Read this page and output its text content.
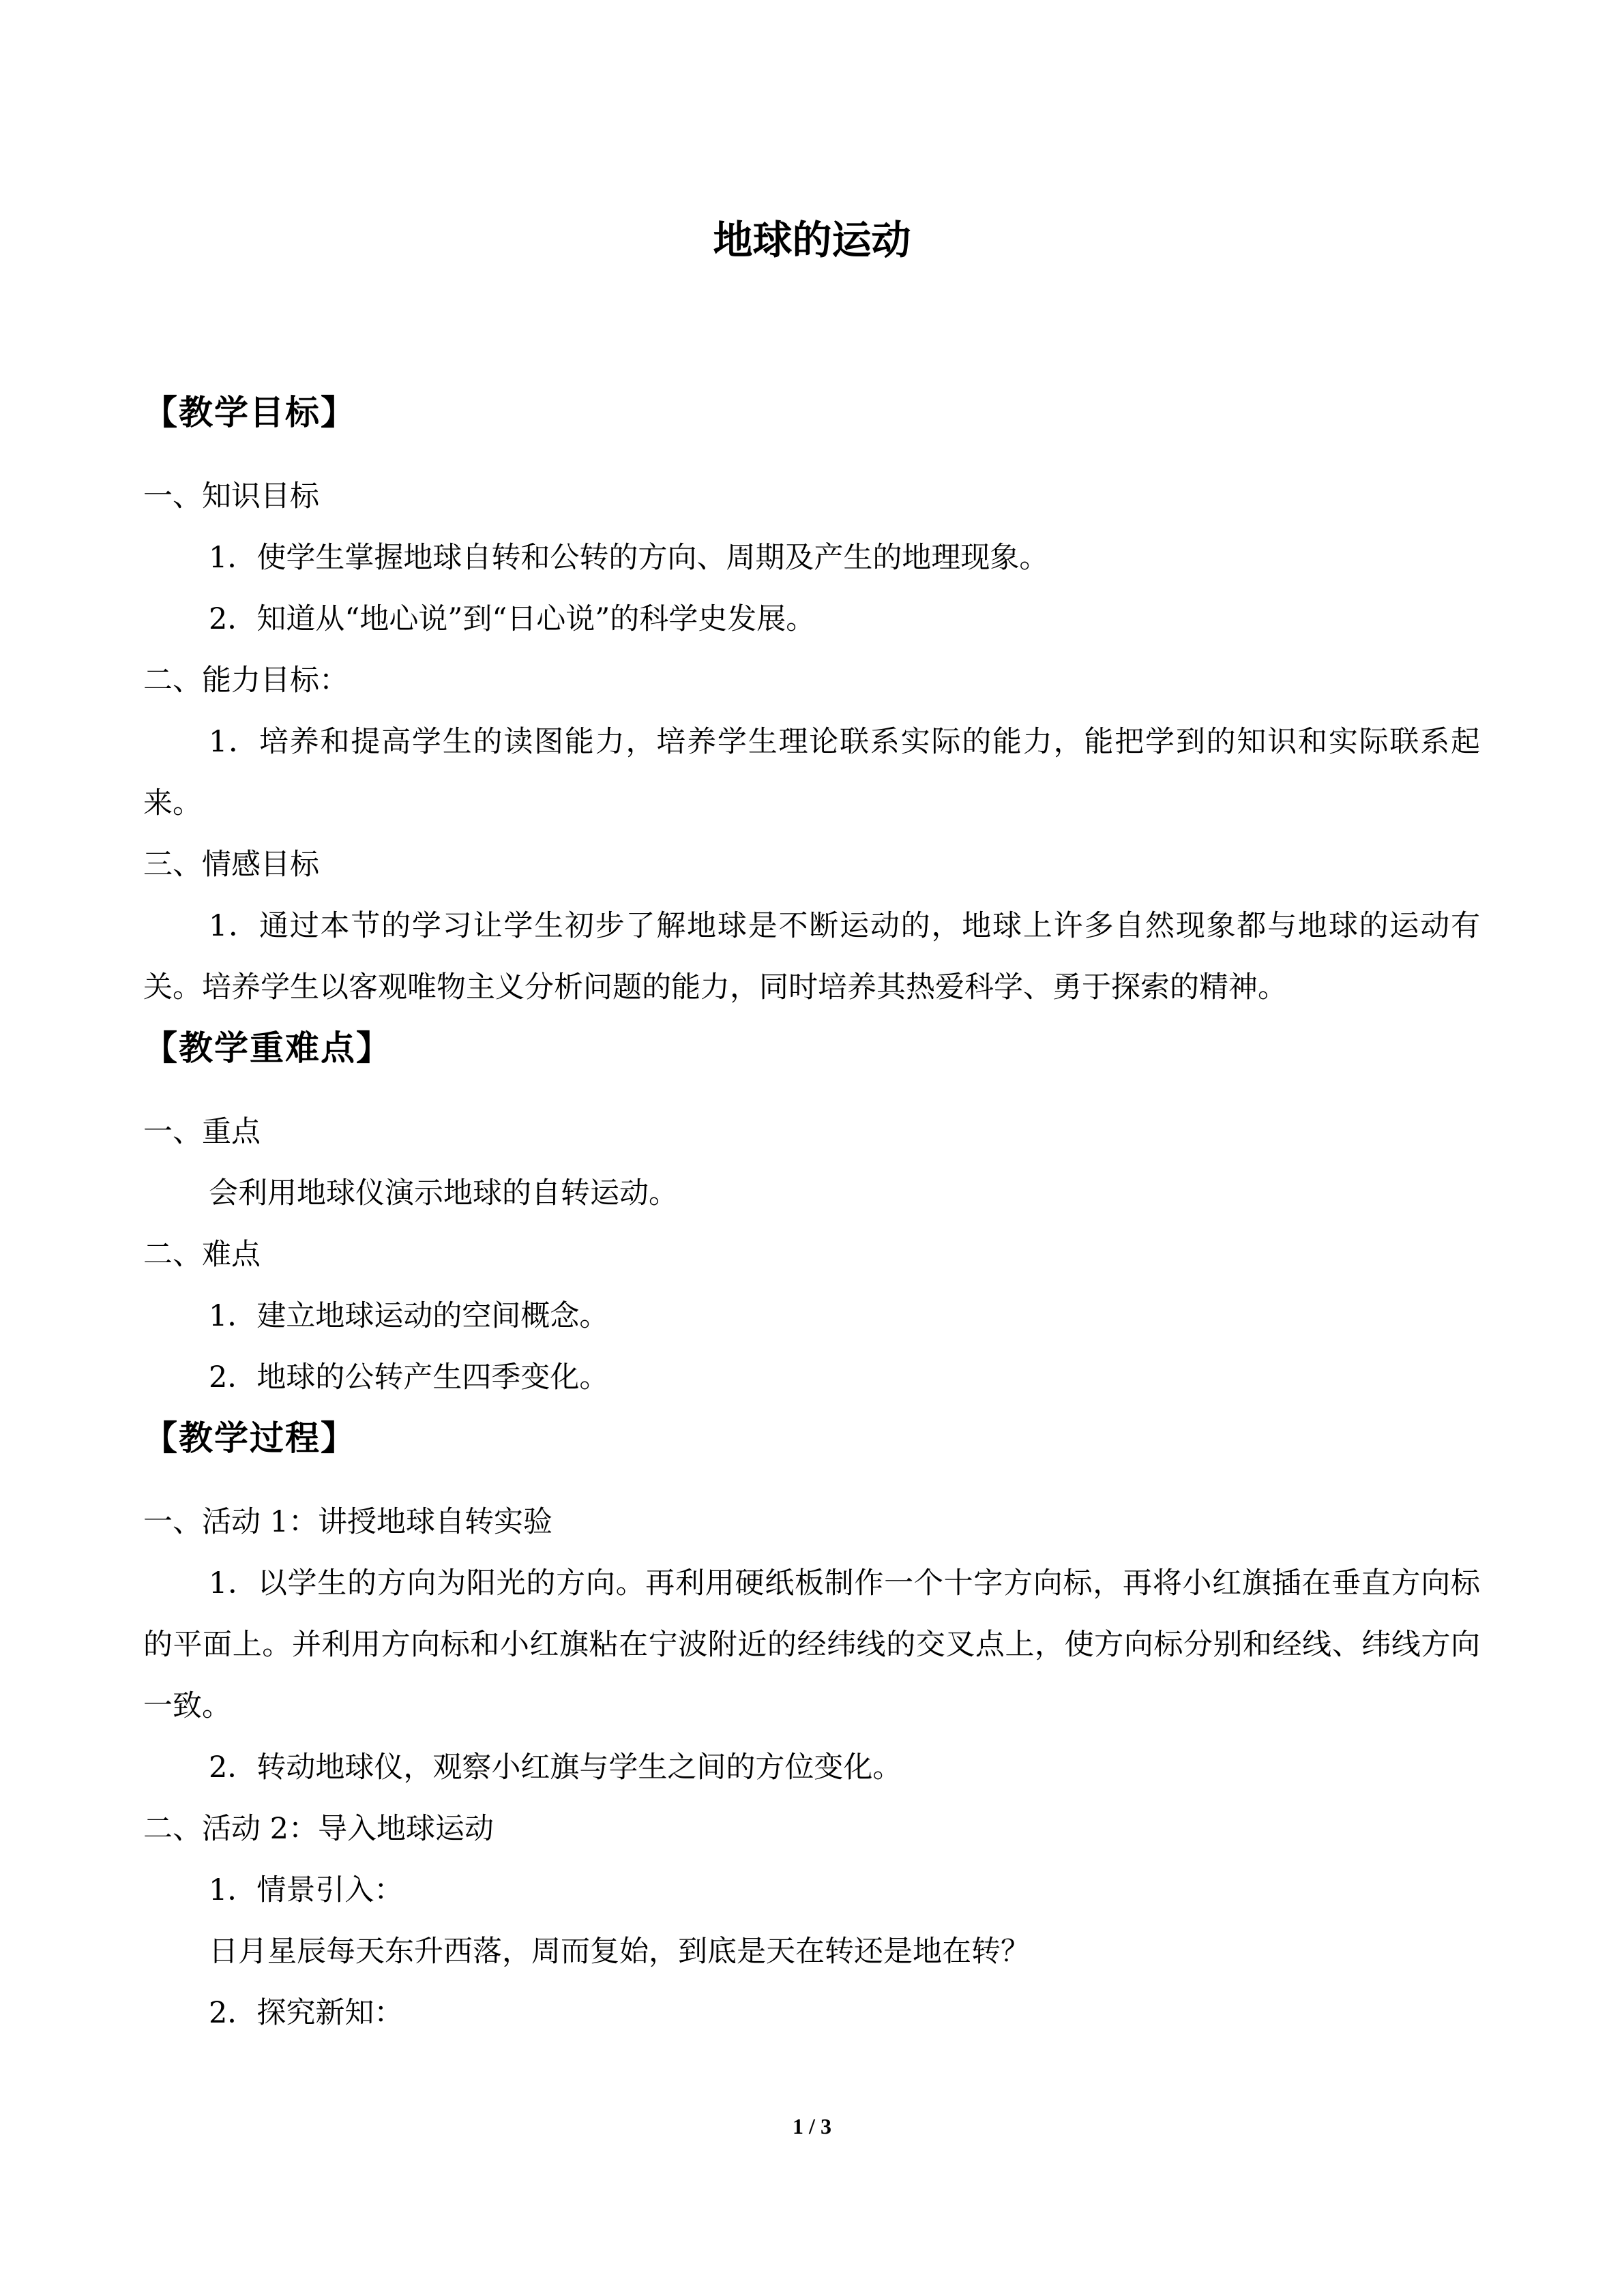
地球的运动
【教学目标】

一、知识目标

1．使学生掌握地球自转和公转的方向、周期及产生的地理现象。

2．知道从“地心说”到“日心说”的科学史发展。

二、能力目标：

1．培养和提高学生的读图能力，培养学生理论联系实际的能力，能把学到的知识和实际联系起来。

三、情感目标

1．通过本节的学习让学生初步了解地球是不断运动的，地球上许多自然现象都与地球的运动有关。培养学生以客观唯物主义分析问题的能力，同时培养其热爱科学、勇于探索的精神。

【教学重难点】

一、重点

会利用地球仪演示地球的自转运动。

二、难点

1．建立地球运动的空间概念。

2．地球的公转产生四季变化。

【教学过程】

一、活动 1：讲授地球自转实验

1．以学生的方向为阳光的方向。再利用硬纸板制作一个十字方向标，再将小红旗插在垂直方向标的平面上。并利用方向标和小红旗粘在宁波附近的经纬线的交叉点上，使方向标分别和经线、纬线方向一致。

2．转动地球仪，观察小红旗与学生之间的方位变化。

二、活动 2：导入地球运动

1．情景引入：

日月星辰每天东升西落，周而复始，到底是天在转还是地在转？

2．探究新知：

1 / 3
